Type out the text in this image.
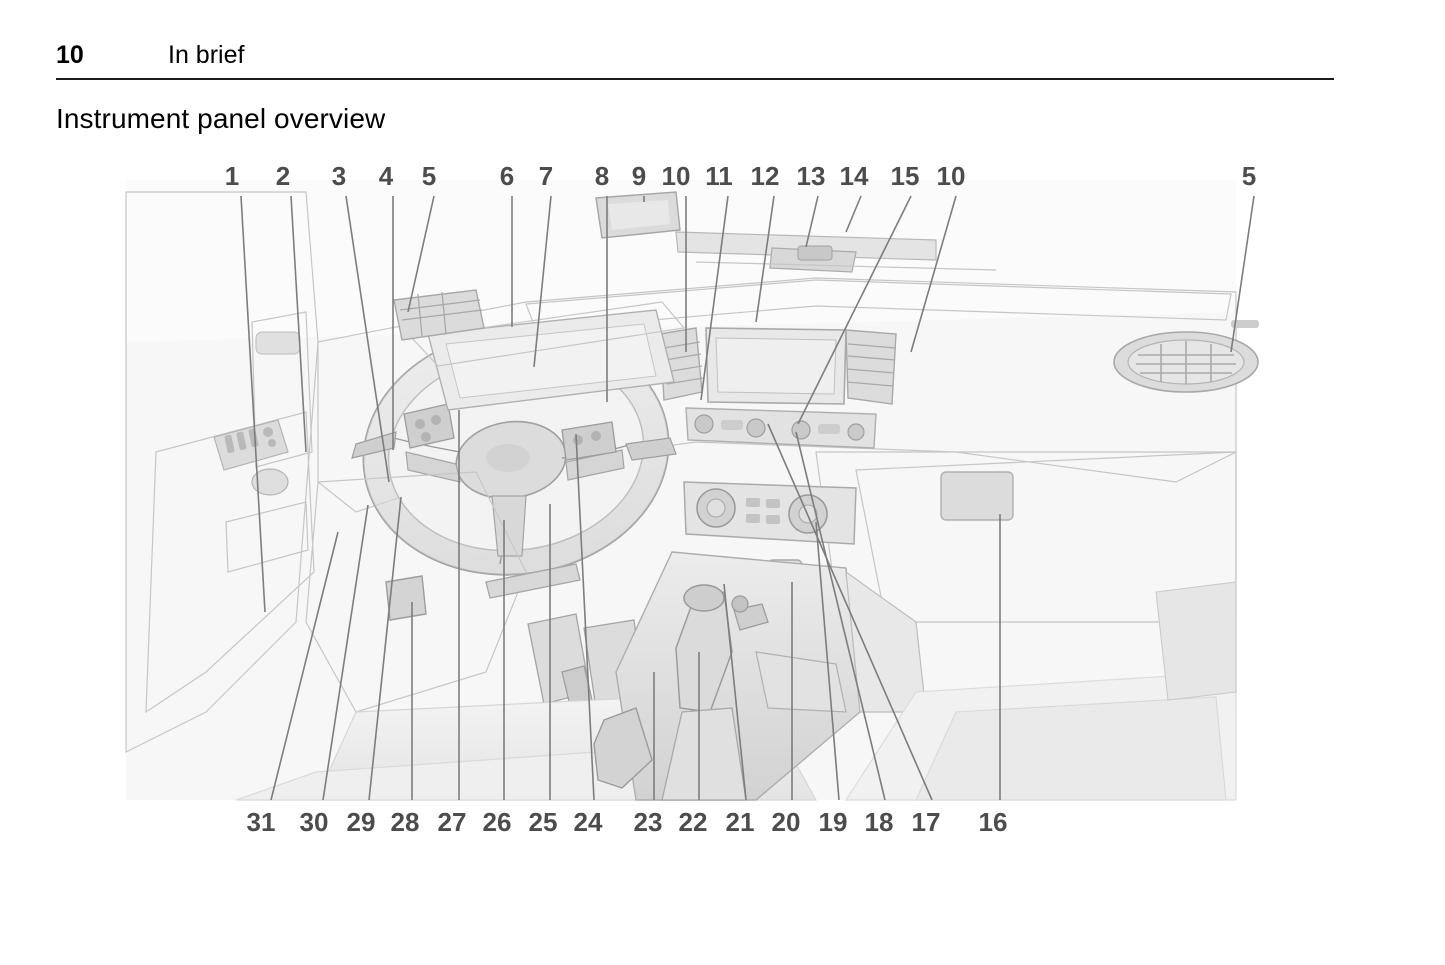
10	In brief
Instrument panel overview
1 2 3 4 5 6 7 8 9 10 11 12 13 14 15 10	5
31 30 29 28 27 26 25 24 23 22 21 20 19 18 17 16
